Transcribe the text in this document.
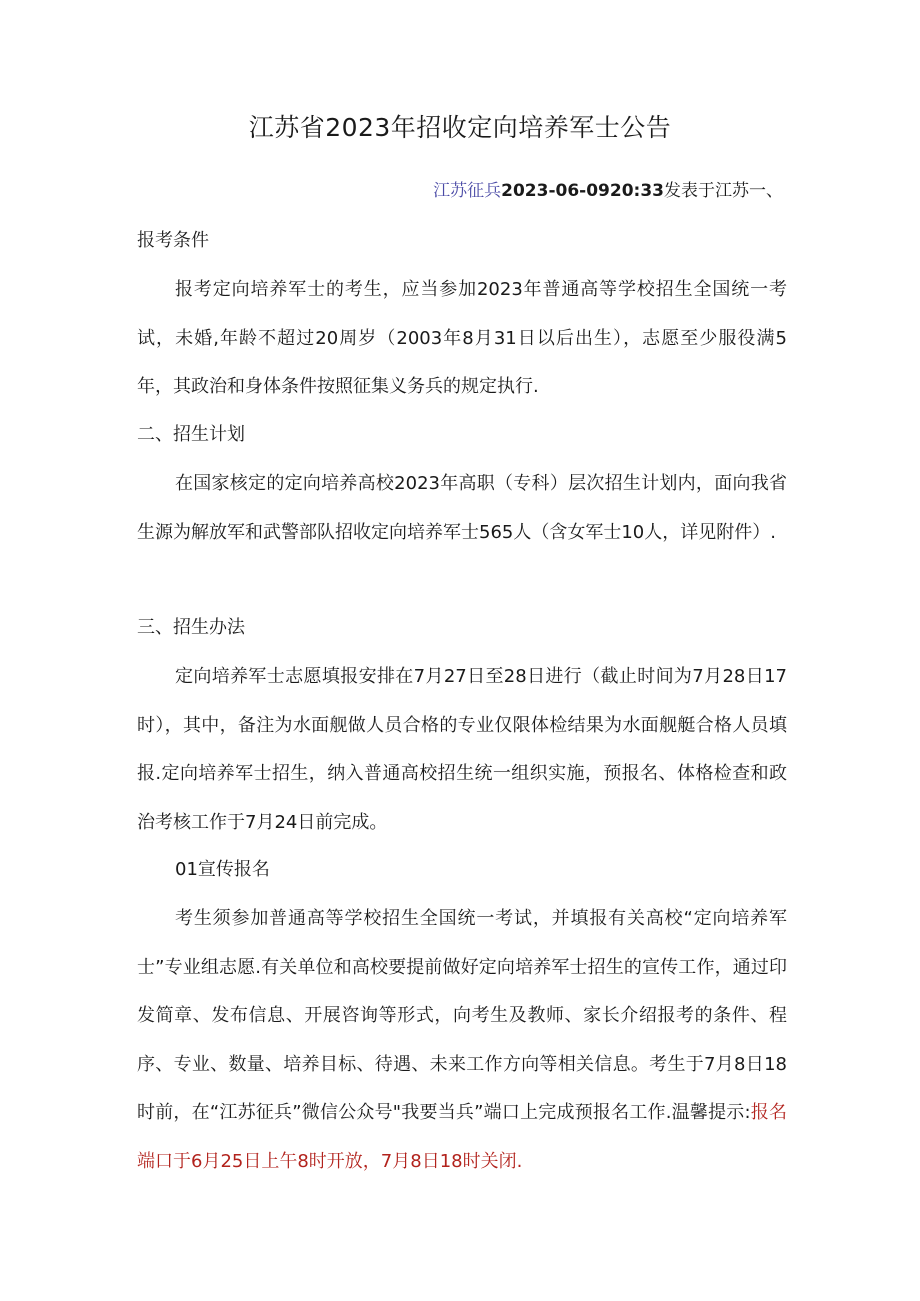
江苏省2023年招收定向培养军士公告
江苏征兵2023-06-0920:33发表于江苏一、

报考条件

报考定向培养军士的考生，应当参加2023年普通高等学校招生全国统一考试，未婚,年龄不超过20周岁（2003年8月31日以后出生），志愿至少服役满5年，其政治和身体条件按照征集义务兵的规定执行.

二、招生计划

在国家核定的定向培养高校2023年高职（专科）层次招生计划内，面向我省生源为解放军和武警部队招收定向培养军士565人（含女军士10人，详见附件）.

三、招生办法

定向培养军士志愿填报安排在7月27日至28日进行（截止时间为7月28日17时），其中，备注为水面舰做人员合格的专业仅限体检结果为水面舰艇合格人员填报.定向培养军士招生，纳入普通高校招生统一组织实施，预报名、体格检查和政治考核工作于7月24日前完成。

01宣传报名

考生须参加普通高等学校招生全国统一考试，并填报有关高校“定向培养军士”专业组志愿.有关单位和高校要提前做好定向培养军士招生的宣传工作，通过印发简章、发布信息、开展咨询等形式，向考生及教师、家长介绍报考的条件、程序、专业、数量、培养目标、待遇、未来工作方向等相关信息。考生于7月8日18时前，在“江苏征兵”微信公众号"我要当兵”端口上完成预报名工作.温馨提示:报名端口于6月25日上午8时开放，7月8日18时关闭.
